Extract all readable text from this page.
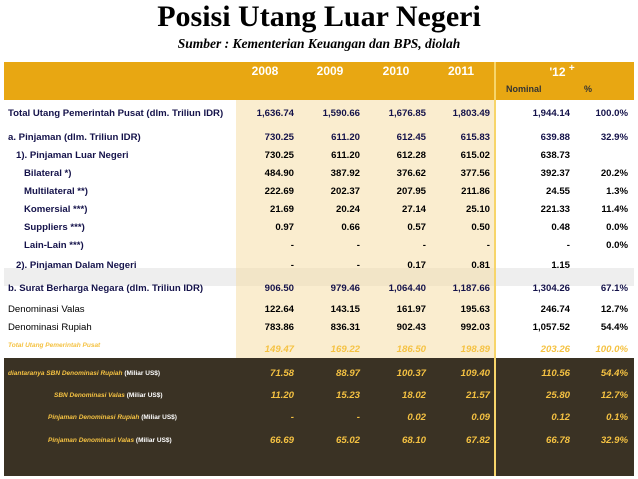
Posisi Utang Luar Negeri
Sumber : Kementerian Keuangan dan BPS, diolah
	2008	2009	2010	2011	'12 +
					Nominal	%
Total Utang Pemerintah Pusat (dlm. Triliun IDR)	1,636.74	1,590.66	1,676.85	1,803.49	1,944.14	100.0%
a. Pinjaman (dlm. Triliun IDR)	730.25	611.20	612.45	615.83	639.88	32.9%
1). Pinjaman Luar Negeri	730.25	611.20	612.28	615.02	638.73	
Bilateral *)	484.90	387.92	376.62	377.56	392.37	20.2%
Multilateral **)	222.69	202.37	207.95	211.86	24.55	1.3%
Komersial ***)	21.69	20.24	27.14	25.10	221.33	11.4%
Suppliers ***)	0.97	0.66	0.57	0.50	0.48	0.0%
Lain-Lain ***)	-	-	-	-	-	0.0%
2). Pinjaman Dalam Negeri	-	-	0.17	0.81	1.15	
b. Surat Berharga Negara (dlm. Triliun IDR)	906.50	979.46	1,064.40	1,187.66	1,304.26	67.1%
Denominasi Valas	122.64	143.15	161.97	195.63	246.74	12.7%
Denominasi Rupiah	783.86	836.31	902.43	992.03	1,057.52	54.4%
Total Utang Pemerintah Pusat
(ekuivalen dlm. Miliar US$)	149.47	169.22	186.50	198.89	203.26	100.0%
diantaranya SBN Denominasi Rupiah (Miliar US$)	71.58	88.97	100.37	109.40	110.56	54.4%
SBN Denominasi Valas (Miliar US$)	11.20	15.23	18.02	21.57	25.80	12.7%
Pinjaman Denominasi Rupiah (Miliar US$)	-	-	0.02	0.09	0.12	0.1%
Pinjaman Denominasi Valas (Miliar US$)	66.69	65.02	68.10	67.82	66.78	32.9%
